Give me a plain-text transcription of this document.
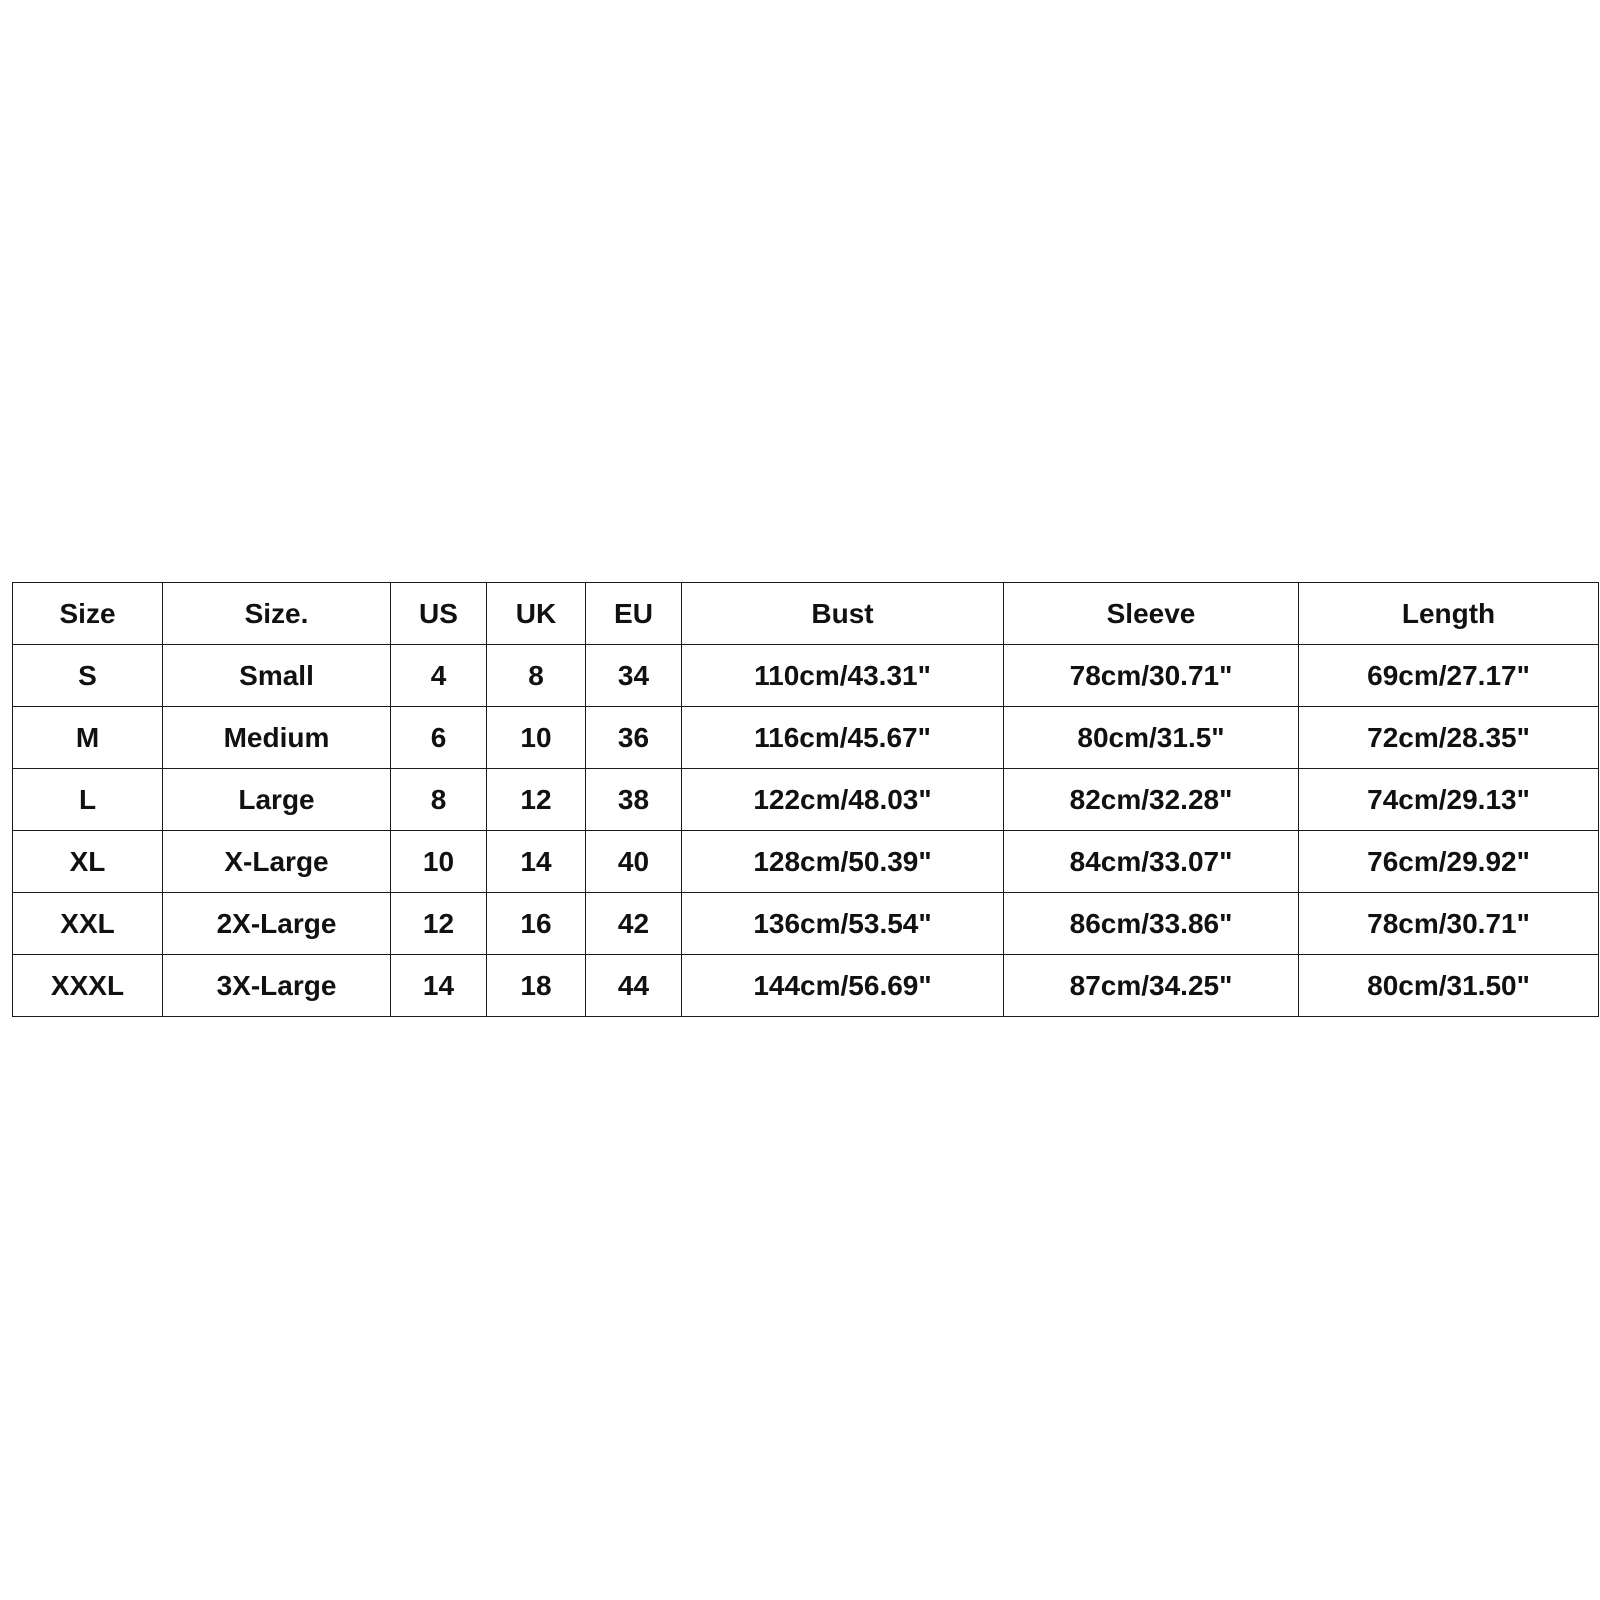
Size	Size.	US	UK	EU	Bust	Sleeve	Length
S	Small	4	8	34	110cm/43.31"	78cm/30.71"	69cm/27.17"
M	Medium	6	10	36	116cm/45.67"	80cm/31.5"	72cm/28.35"
L	Large	8	12	38	122cm/48.03"	82cm/32.28"	74cm/29.13"
XL	X-Large	10	14	40	128cm/50.39"	84cm/33.07"	76cm/29.92"
XXL	2X-Large	12	16	42	136cm/53.54"	86cm/33.86"	78cm/30.71"
XXXL	3X-Large	14	18	44	144cm/56.69"	87cm/34.25"	80cm/31.50"
